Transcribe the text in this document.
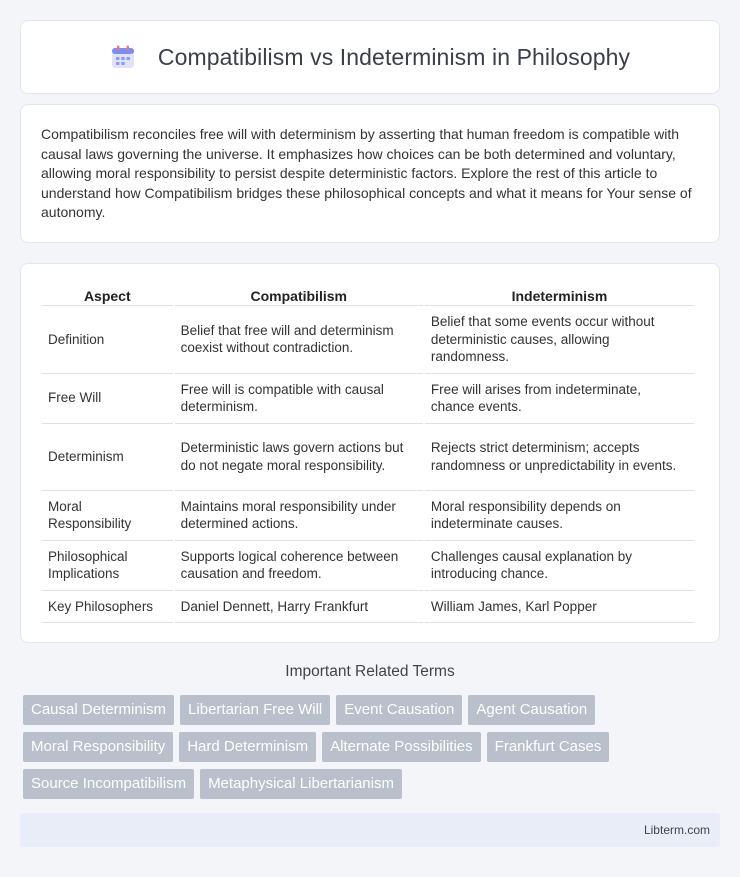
Compatibilism vs Indeterminism in Philosophy

Compatibilism reconciles free will with determinism by asserting that human freedom is compatible with causal laws governing the universe. It emphasizes how choices can be both determined and voluntary, allowing moral responsibility to persist despite deterministic factors. Explore the rest of this article to understand how Compatibilism bridges these philosophical concepts and what it means for Your sense of autonomy.

Aspect	Compatibilism	Indeterminism
Definition	Belief that free will and determinism coexist without contradiction.	Belief that some events occur without deterministic causes, allowing randomness.
Free Will	Free will is compatible with causal determinism.	Free will arises from indeterminate, chance events.
Determinism	Deterministic laws govern actions but do not negate moral responsibility.	Rejects strict determinism; accepts randomness or unpredictability in events.
Moral Responsibility	Maintains moral responsibility under determined actions.	Moral responsibility depends on indeterminate causes.
Philosophical Implications	Supports logical coherence between causation and freedom.	Challenges causal explanation by introducing chance.
Key Philosophers	Daniel Dennett, Harry Frankfurt	William James, Karl Popper
Important Related Terms
Causal Determinism	Libertarian Free Will	Event Causation	Agent Causation
Moral Responsibility	Hard Determinism	Alternate Possibilities	Frankfurt Cases
Source Incompatibilism	Metaphysical Libertarianism
Libterm.com
